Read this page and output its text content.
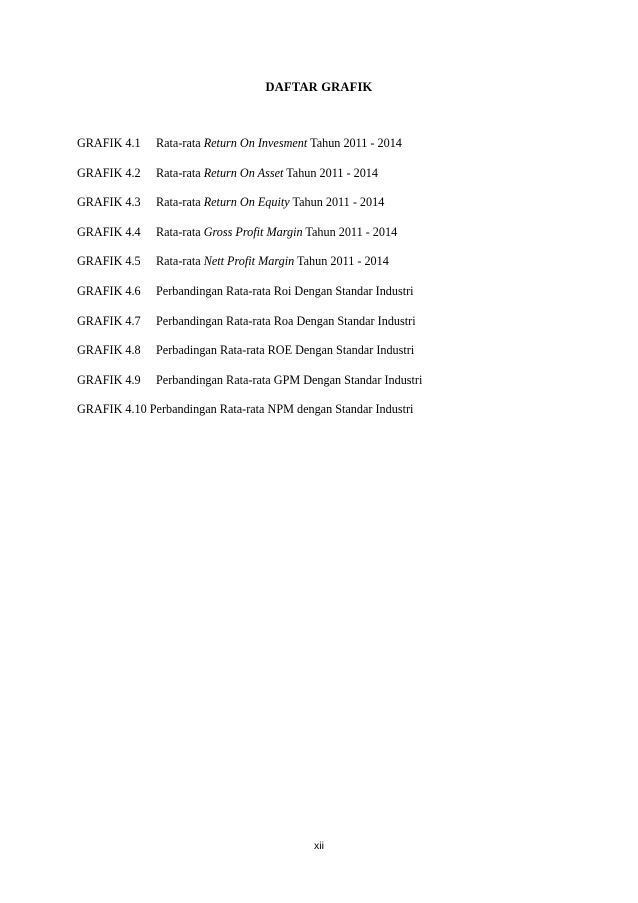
DAFTAR GRAFIK
GRAFIK 4.1 Rata-rata Return On Invesment Tahun 2011 - 2014
GRAFIK 4.2 Rata-rata Return On Asset Tahun 2011 - 2014
GRAFIK 4.3 Rata-rata Return On Equity Tahun 2011 - 2014
GRAFIK 4.4 Rata-rata Gross Profit Margin Tahun 2011 - 2014
GRAFIK 4.5 Rata-rata Nett Profit Margin Tahun 2011 - 2014
GRAFIK 4.6 Perbandingan Rata-rata Roi Dengan Standar Industri
GRAFIK 4.7 Perbandingan Rata-rata Roa Dengan Standar Industri
GRAFIK 4.8 Perbadingan Rata-rata ROE Dengan Standar Industri
GRAFIK 4.9 Perbandingan Rata-rata GPM Dengan Standar Industri
GRAFIK 4.10 Perbandingan Rata-rata NPM dengan Standar Industri
xii
